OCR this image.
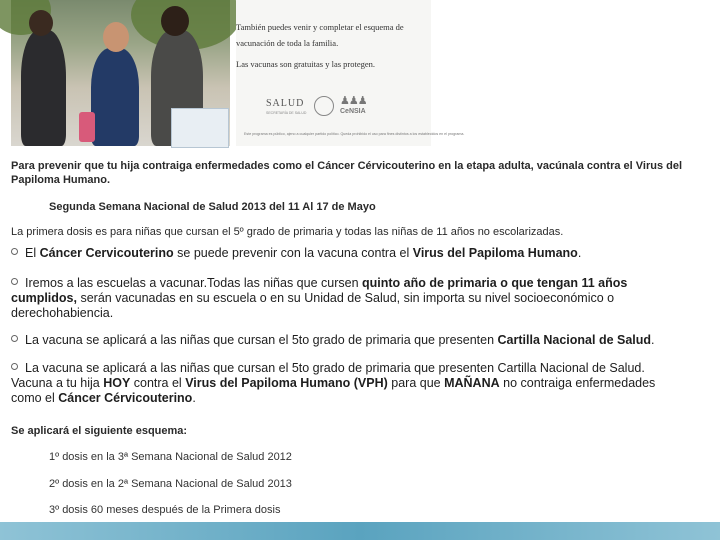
También puedes venir y completar el esquema de
vacunación de toda la familia.
Las vacunas son gratuitas y las protegen.
SALUD
SECRETARÍA DE SALUD
♟♟♟
CeNSIA
Este programa es público, ajeno a cualquier partido político. Queda prohibido el uso para fines distintos a los establecidos en el programa.
Para prevenir que tu hija contraiga enfermedades como el Cáncer Cérvicouterino en la etapa adulta, vacúnala contra el Virus del
Papiloma Humano.
Segunda Semana Nacional de Salud 2013 del 11 Al 17 de Mayo
La primera dosis es para niñas que cursan el 5º grado de primaria y todas las niñas de 11 años no escolarizadas.
El Cáncer Cervicouterino se puede prevenir con la vacuna contra el Virus del Papiloma Humano.
Iremos a las escuelas a vacunar.Todas las niñas que cursen quinto año de primaria o que tengan 11 años
cumplidos, serán vacunadas en su escuela o en su Unidad de Salud, sin importa su nivel socioeconómico o
derechohabiencia.
La vacuna se aplicará a las niñas que cursan el 5to grado de primaria que presenten Cartilla Nacional de Salud.
La vacuna se aplicará a las niñas que cursan el 5to grado de primaria que presenten Cartilla Nacional de Salud.
Vacuna a tu hija HOY contra el Virus del Papiloma Humano (VPH) para que MAÑANA no contraiga enfermedades
como el Cáncer Cérvicouterino.
Se aplicará el siguiente esquema:
1º dosis en la 3ª Semana Nacional de Salud 2012
2º dosis en la 2ª Semana Nacional de Salud 2013
3º dosis 60 meses después de la Primera dosis
